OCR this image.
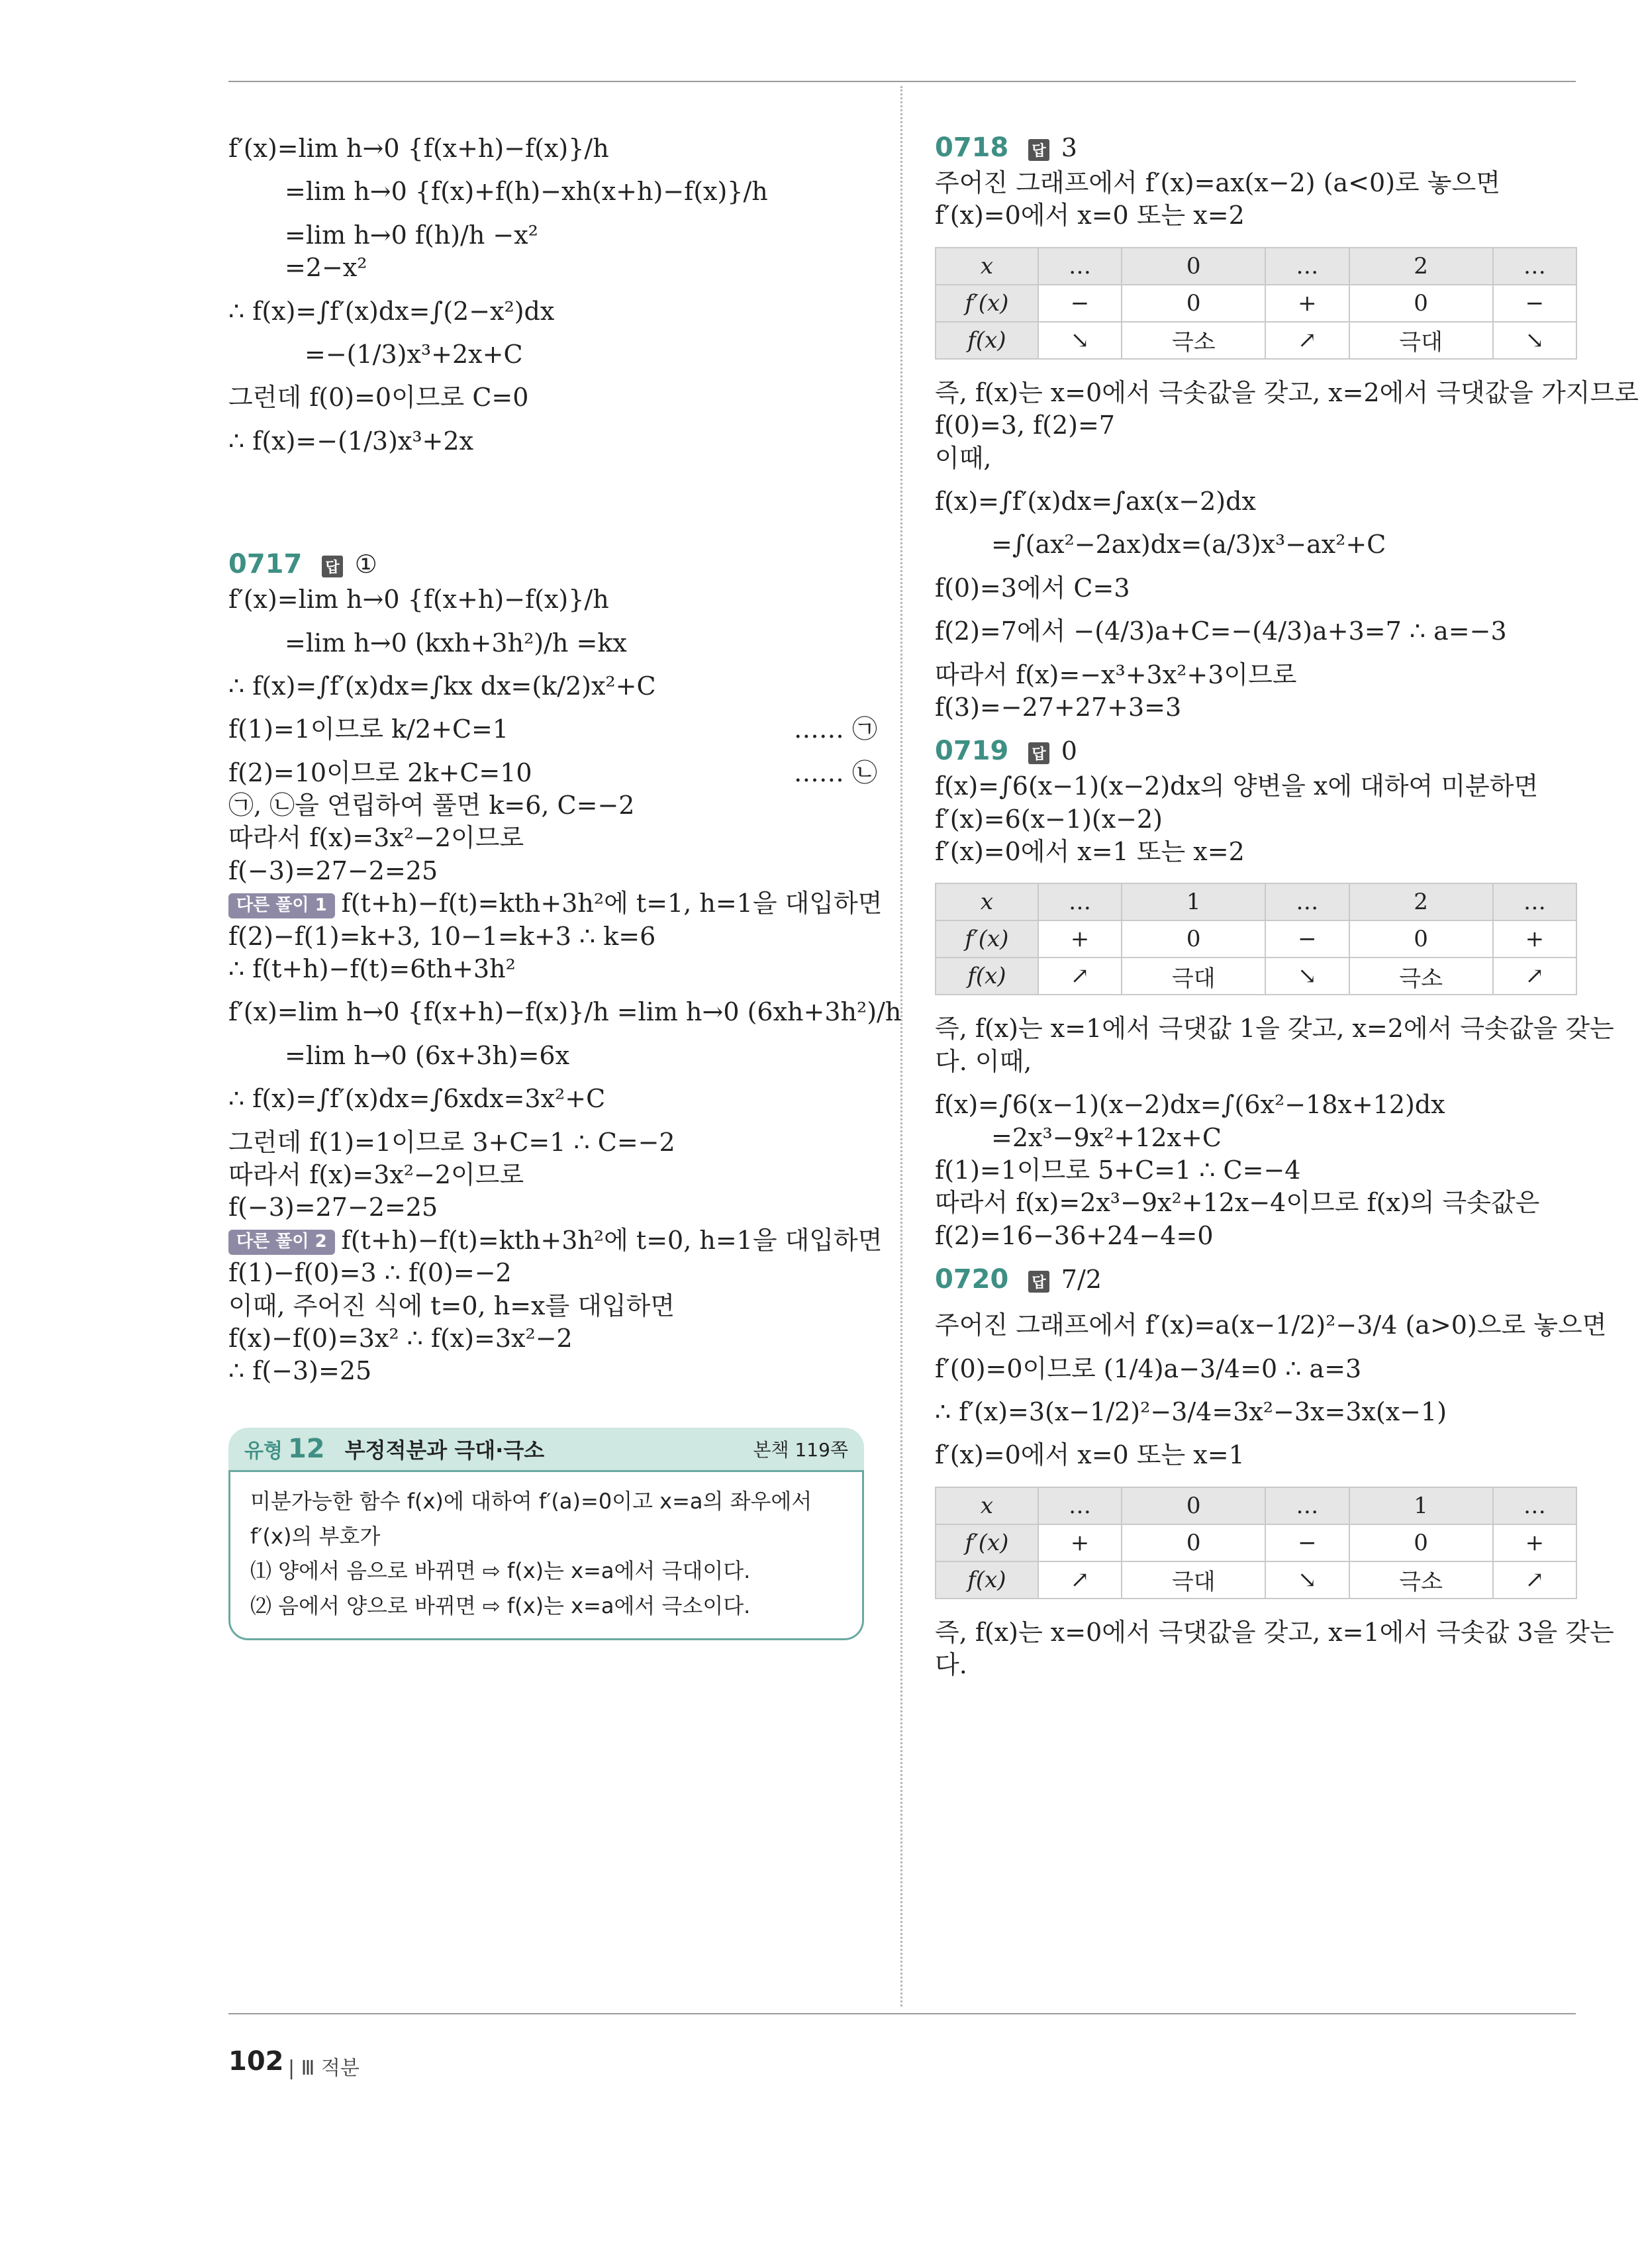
f′(x)=lim h→0 {f(x+h)−f(x)}/h

=lim h→0 {f(x)+f(h)−xh(x+h)−f(x)}/h

=lim h→0 f(h)/h −x²

=2−x²

∴ f(x)=∫f′(x)dx=∫(2−x²)dx

=−(1/3)x³+2x+C

그런데 f(0)=0이므로 C=0

∴ f(x)=−(1/3)x³+2x

0717 답 ①

f′(x)=lim h→0 {f(x+h)−f(x)}/h

=lim h→0 (kxh+3h²)/h =kx

∴ f(x)=∫f′(x)dx=∫kx dx=(k/2)x²+C

f(1)=1이므로 k/2+C=1	…… ㉠

f(2)=10이므로 2k+C=10	…… ㉡

㉠, ㉡을 연립하여 풀면 k=6, C=−2

따라서 f(x)=3x²−2이므로

f(−3)=27−2=25

다른 풀이 1 f(t+h)−f(t)=kth+3h²에 t=1, h=1을 대입하면

f(2)−f(1)=k+3, 10−1=k+3 ∴ k=6

∴ f(t+h)−f(t)=6th+3h²

f′(x)=lim h→0 {f(x+h)−f(x)}/h =lim h→0 (6xh+3h²)/h

=lim h→0 (6x+3h)=6x

∴ f(x)=∫f′(x)dx=∫6xdx=3x²+C

그런데 f(1)=1이므로 3+C=1 ∴ C=−2

따라서 f(x)=3x²−2이므로

f(−3)=27−2=25

다른 풀이 2 f(t+h)−f(t)=kth+3h²에 t=0, h=1을 대입하면

f(1)−f(0)=3 ∴ f(0)=−2

이때, 주어진 식에 t=0, h=x를 대입하면

f(x)−f(0)=3x² ∴ f(x)=3x²−2

∴ f(−3)=25

유형 12 부정적분과 극대·극소	본책 119쪽
미분가능한 함수 f(x)에 대하여 f′(a)=0이고 x=a의 좌우에서
f′(x)의 부호가
⑴ 양에서 음으로 바뀌면 ⇨ f(x)는 x=a에서 극대이다.
⑵ 음에서 양으로 바뀌면 ⇨ f(x)는 x=a에서 극소이다.
0718 답 3

주어진 그래프에서 f′(x)=ax(x−2) (a<0)로 놓으면

f′(x)=0에서 x=0 또는 x=2

x	…	0	…	2	…
f′(x)	−	0	+	0	−
f(x)	↘	극소	↗	극대	↘

즉, f(x)는 x=0에서 극솟값을 갖고, x=2에서 극댓값을 가지므로

f(0)=3, f(2)=7

이때,

f(x)=∫f′(x)dx=∫ax(x−2)dx

=∫(ax²−2ax)dx=(a/3)x³−ax²+C

f(0)=3에서 C=3

f(2)=7에서 −(4/3)a+C=−(4/3)a+3=7 ∴ a=−3

따라서 f(x)=−x³+3x²+3이므로

f(3)=−27+27+3=3

0719 답 0

f(x)=∫6(x−1)(x−2)dx의 양변을 x에 대하여 미분하면

f′(x)=6(x−1)(x−2)

f′(x)=0에서 x=1 또는 x=2

x	…	1	…	2	…
f′(x)	+	0	−	0	+
f(x)	↗	극대	↘	극소	↗

즉, f(x)는 x=1에서 극댓값 1을 갖고, x=2에서 극솟값을 갖는

다. 이때,

f(x)=∫6(x−1)(x−2)dx=∫(6x²−18x+12)dx

=2x³−9x²+12x+C

f(1)=1이므로 5+C=1 ∴ C=−4

따라서 f(x)=2x³−9x²+12x−4이므로 f(x)의 극솟값은

f(2)=16−36+24−4=0

0720 답 7/2

주어진 그래프에서 f′(x)=a(x−1/2)²−3/4 (a>0)으로 놓으면

f′(0)=0이므로 (1/4)a−3/4=0 ∴ a=3

∴ f′(x)=3(x−1/2)²−3/4=3x²−3x=3x(x−1)

f′(x)=0에서 x=0 또는 x=1

x	…	0	…	1	…
f′(x)	+	0	−	0	+
f(x)	↗	극대	↘	극소	↗

즉, f(x)는 x=0에서 극댓값을 갖고, x=1에서 극솟값 3을 갖는

다.

102 | Ⅲ 적분
